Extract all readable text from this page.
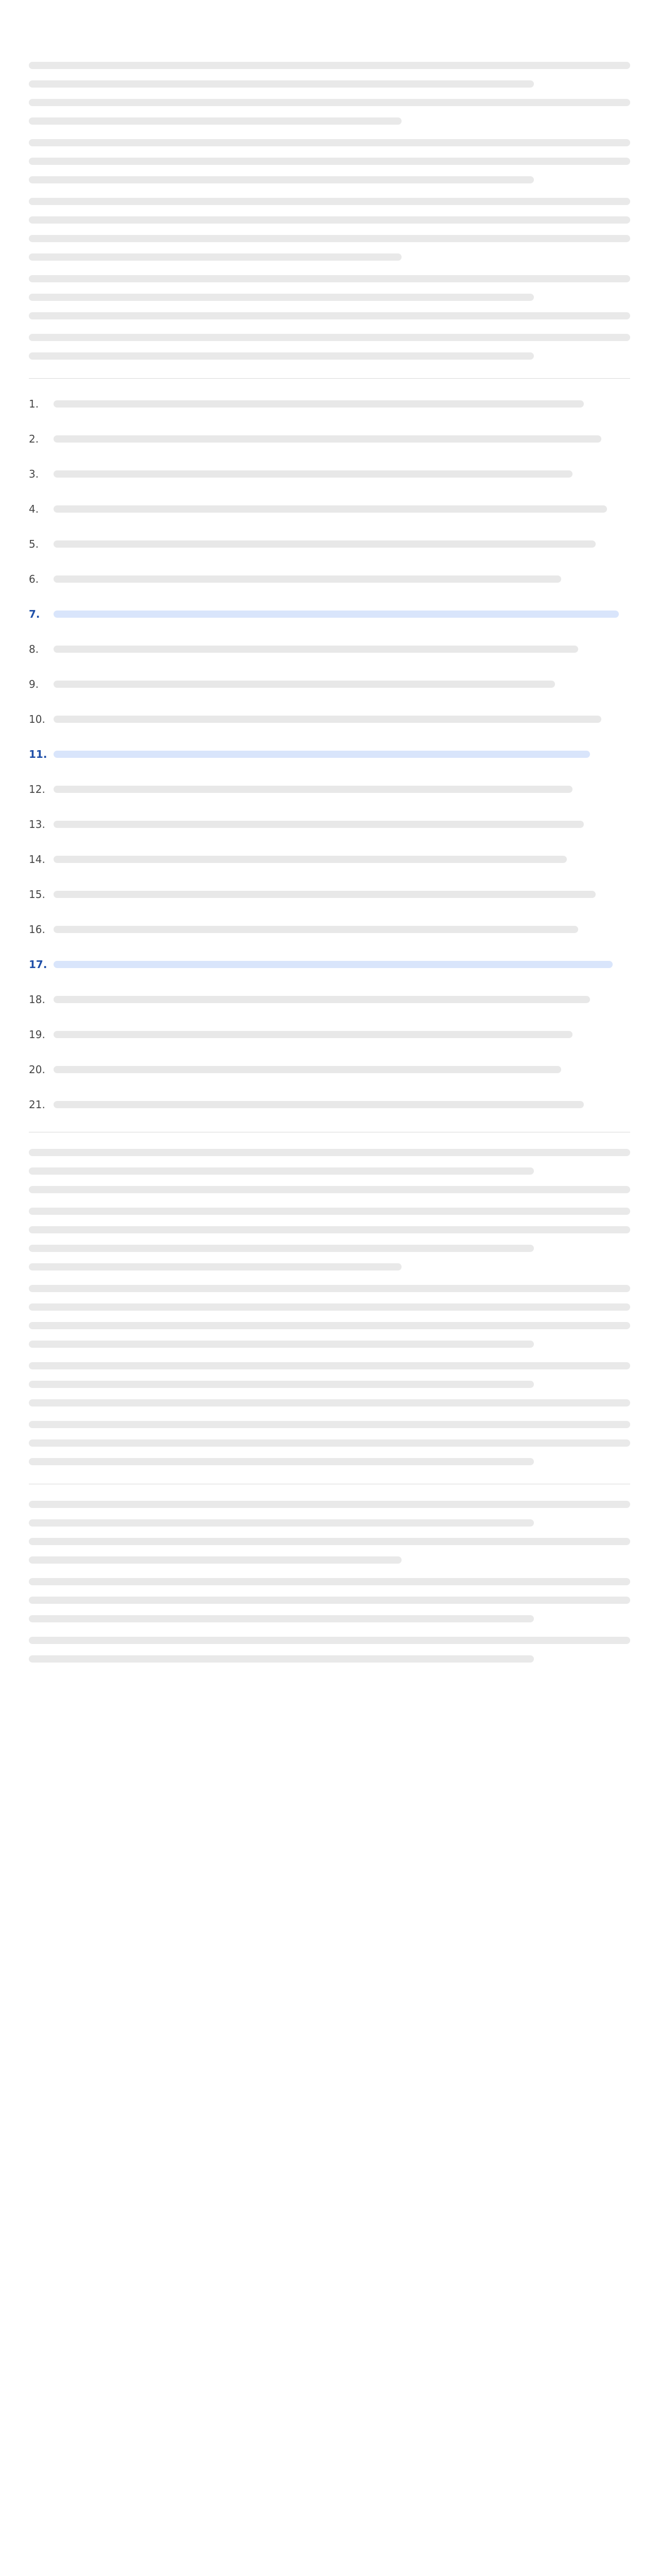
1.
2.
3.
4.
5.
6.
7.
8.
9.
10.
11.
12.
13.
14.
15.
16.
17.
18.
19.
20.
21.
